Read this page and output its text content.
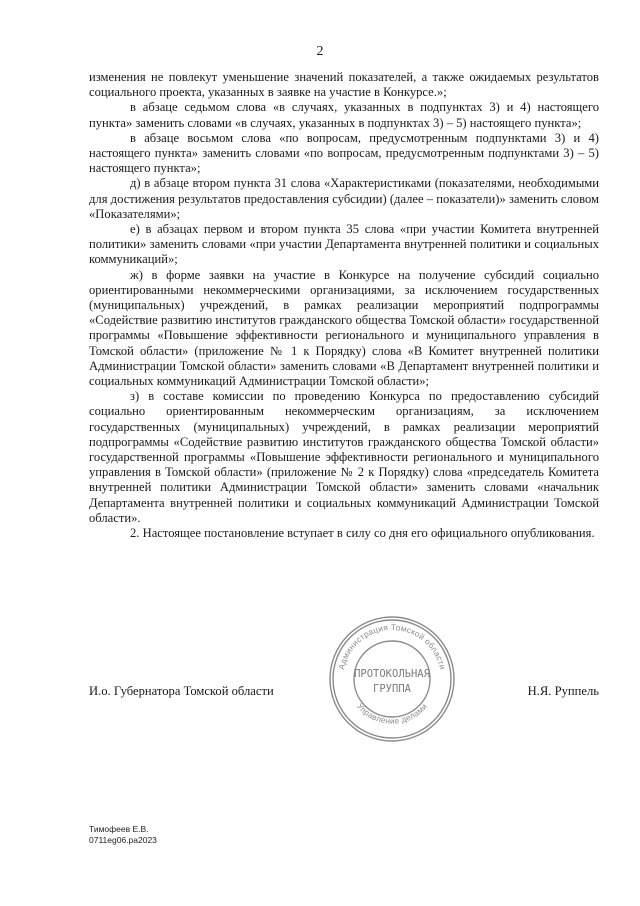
2

изменения не повлекут уменьшение значений показателей, а также ожидаемых результатов социального проекта, указанных в заявке на участие в Конкурсе.»;

в абзаце седьмом слова «в случаях, указанных в подпунктах 3) и 4) настоящего пункта» заменить словами «в случаях, указанных в подпунктах 3) – 5) настоящего пункта»;

в абзаце восьмом слова «по вопросам, предусмотренным подпунктами 3) и 4) настоящего пункта» заменить словами «по вопросам, предусмотренным подпунктами 3) – 5) настоящего пункта»;

д) в абзаце втором пункта 31 слова «Характеристиками (показателями, необходимыми для достижения результатов предоставления субсидии) (далее – показатели)» заменить словом «Показателями»;

е) в абзацах первом и втором пункта 35 слова «при участии Комитета внутренней политики» заменить словами «при участии Департамента внутренней политики и социальных коммуникаций»;

ж) в форме заявки на участие в Конкурсе на получение субсидий социально ориентированными некоммерческими организациями, за исключением государственных (муниципальных) учреждений, в рамках реализации мероприятий подпрограммы «Содействие развитию институтов гражданского общества Томской области» государственной программы «Повышение эффективности регионального и муниципального управления в Томской области» (приложение № 1 к Порядку) слова «В Комитет внутренней политики Администрации Томской области» заменить словами «В Департамент внутренней политики и социальных коммуникаций Администрации Томской области»;

з) в составе комиссии по проведению Конкурса по предоставлению субсидий социально ориентированным некоммерческим организациям, за исключением государственных (муниципальных) учреждений, в рамках реализации мероприятий подпрограммы «Содействие развитию институтов гражданского общества Томской области» государственной программы «Повышение эффективности регионального и муниципального управления в Томской области» (приложение № 2 к Порядку) слова «председатель Комитета внутренней политики Администрации Томской области» заменить словами «начальник Департамента внутренней политики и социальных коммуникаций Администрации Томской области».

2. Настоящее постановление вступает в силу со дня его официального опубликования.

Администрация Томской области
Управление делами
ПРОТОКОЛЬНАЯ
ГРУППА
И.о. Губернатора Томской области	Н.Я. Руппель
Тимофеев Е.В.
0711eg06.pa2023
